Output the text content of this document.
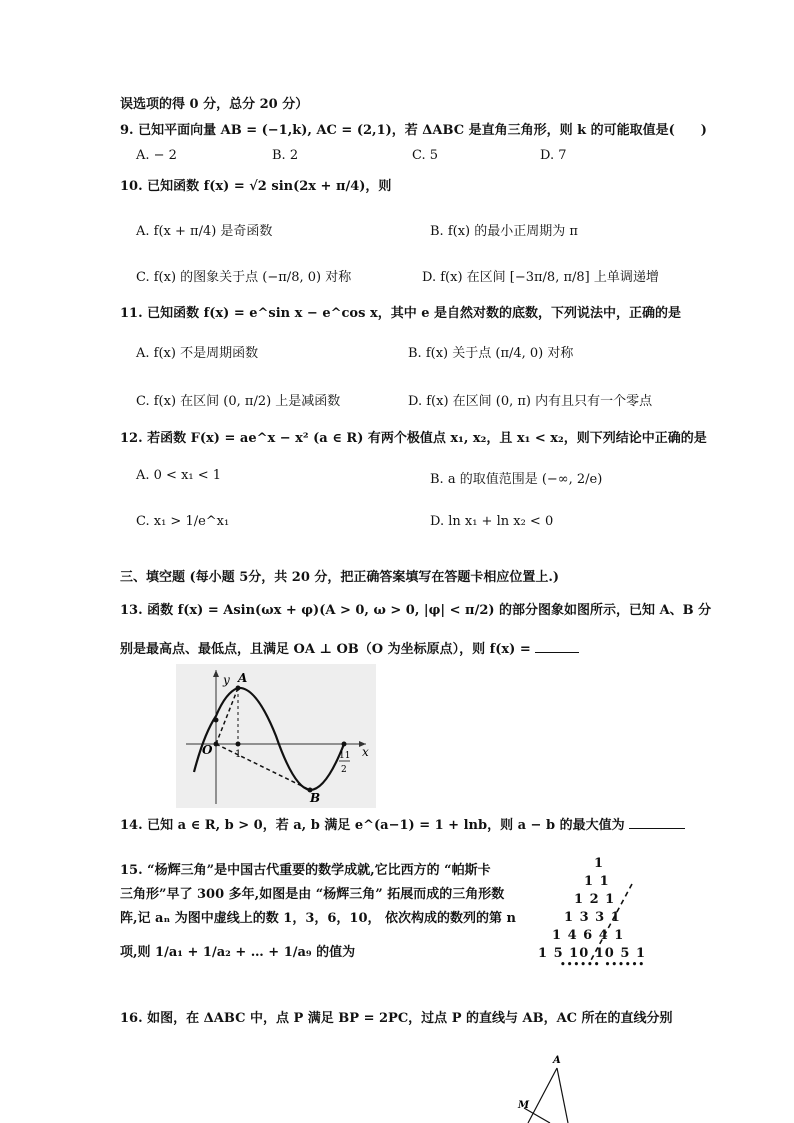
误选项的得 0 分，总分 20 分）
9. 已知平面向量 AB = (−1,k), AC = (2,1)，若 ΔABC 是直角三角形，则 k 的可能取值是(　　)
A. − 2	B. 2	C. 5	D. 7
10. 已知函数 f(x) = √2 sin(2x + π/4)，则
A. f(x + π/4) 是奇函数	B. f(x) 的最小正周期为 π
C. f(x) 的图象关于点 (−π/8, 0) 对称	D. f(x) 在区间 [−3π/8, π/8] 上单调递增
11. 已知函数 f(x) = e^sin x − e^cos x，其中 e 是自然对数的底数，下列说法中，正确的是
A. f(x) 不是周期函数	B. f(x) 关于点 (π/4, 0) 对称
C. f(x) 在区间 (0, π/2) 上是减函数	D. f(x) 在区间 (0, π) 内有且只有一个零点
12. 若函数 F(x) = ae^x − x² (a ∈ R) 有两个极值点 x₁, x₂，且 x₁ < x₂，则下列结论中正确的是
A. 0 < x₁ < 1	B. a 的取值范围是 (−∞, 2/e)
C. x₁ > 1/e^x₁	D. ln x₁ + ln x₂ < 0
三、填空题 (每小题 5分，共 20 分，把正确答案填写在答题卡相应位置上.)
13. 函数 f(x) = Asin(ωx + φ)(A > 0, ω > 0, |φ| < π/2) 的部分图象如图所示，已知 A、B 分
别是最高点、最低点，且满足 OA ⊥ OB（O 为坐标原点），则 f(x) =
y
x
A
B
O 1	11
2
14. 已知 a ∈ R, b > 0，若 a, b 满足 e^(a−1) = 1 + lnb，则 a − b 的最大值为
15. “杨辉三角”是中国古代重要的数学成就,它比西方的 “帕斯卡
三角形”早了 300 多年,如图是由 “杨辉三角” 拓展而成的三角形数
阵,记 aₙ 为图中虚线上的数 1，3，6，10， 依次构成的数列的第 n
项,则 1/a₁ + 1/a₂ + … + 1/a₉ 的值为
1
1 1
1 2 1
1 3 3 1
1 4 6 4 1
1 5 10 10 5 1
•••••• ••••••
16. 如图，在 ΔABC 中，点 P 满足 BP = 2PC，过点 P 的直线与 AB，AC 所在的直线分别
A
M
